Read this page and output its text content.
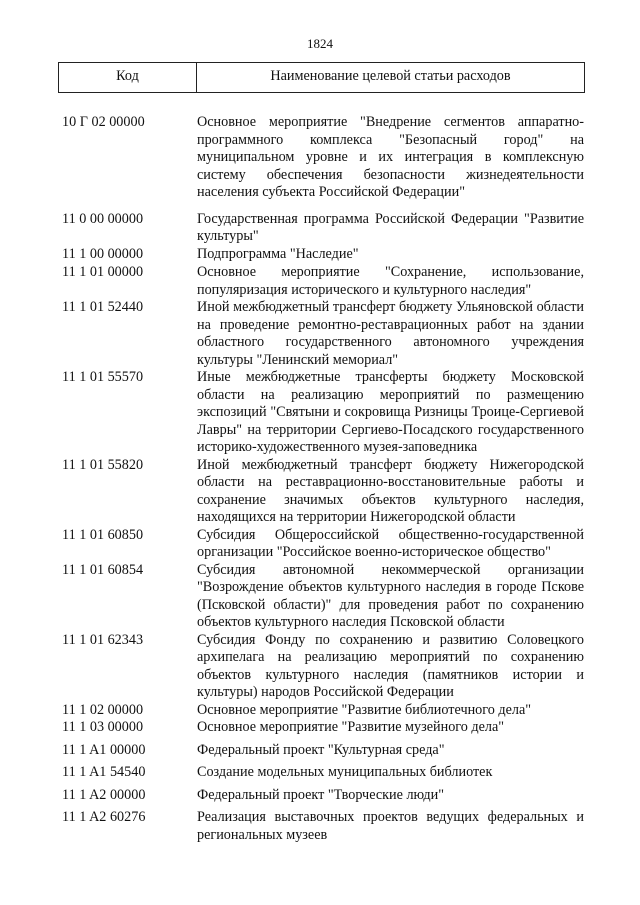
1824
Код	Наименование целевой статьи расходов
10 Г 02 00000	Основное мероприятие "Внедрение сегментов аппаратно-программного комплекса "Безопасный город" на муниципальном уровне и их интеграция в комплексную систему обеспечения безопасности жизнедеятельности населения субъекта Российской Федерации"
11 0 00 00000	Государственная программа Российской Федерации "Развитие культуры"
11 1 00 00000	Подпрограмма "Наследие"
11 1 01 00000	Основное мероприятие "Сохранение, использование, популяризация исторического и культурного наследия"
11 1 01 52440	Иной межбюджетный трансферт бюджету Ульяновской области на проведение ремонтно-реставрационных работ на здании областного государственного автономного учреждения культуры "Ленинский мемориал"
11 1 01 55570	Иные межбюджетные трансферты бюджету Московской области на реализацию мероприятий по размещению экспозиций "Святыни и сокровища Ризницы Троице-Сергиевой Лавры" на территории Сергиево-Посадского государственного историко-художественного музея-заповедника
11 1 01 55820	Иной межбюджетный трансферт бюджету Нижегородской области на реставрационно-восстановительные работы и сохранение значимых объектов культурного наследия, находящихся на территории Нижегородской области
11 1 01 60850	Субсидия Общероссийской общественно-государственной организации "Российское военно-историческое общество"
11 1 01 60854	Субсидия автономной некоммерческой организации "Возрождение объектов культурного наследия в городе Пскове (Псковской области)" для проведения работ по сохранению объектов культурного наследия Псковской области
11 1 01 62343	Субсидия Фонду по сохранению и развитию Соловецкого архипелага на реализацию мероприятий по сохранению объектов культурного наследия (памятников истории и культуры) народов Российской Федерации
11 1 02 00000	Основное мероприятие "Развитие библиотечного дела"
11 1 03 00000	Основное мероприятие "Развитие музейного дела"
11 1 A1 00000	Федеральный проект "Культурная среда"
11 1 A1 54540	Создание модельных муниципальных библиотек
11 1 A2 00000	Федеральный проект "Творческие люди"
11 1 A2 60276	Реализация выставочных проектов ведущих федеральных и региональных музеев
